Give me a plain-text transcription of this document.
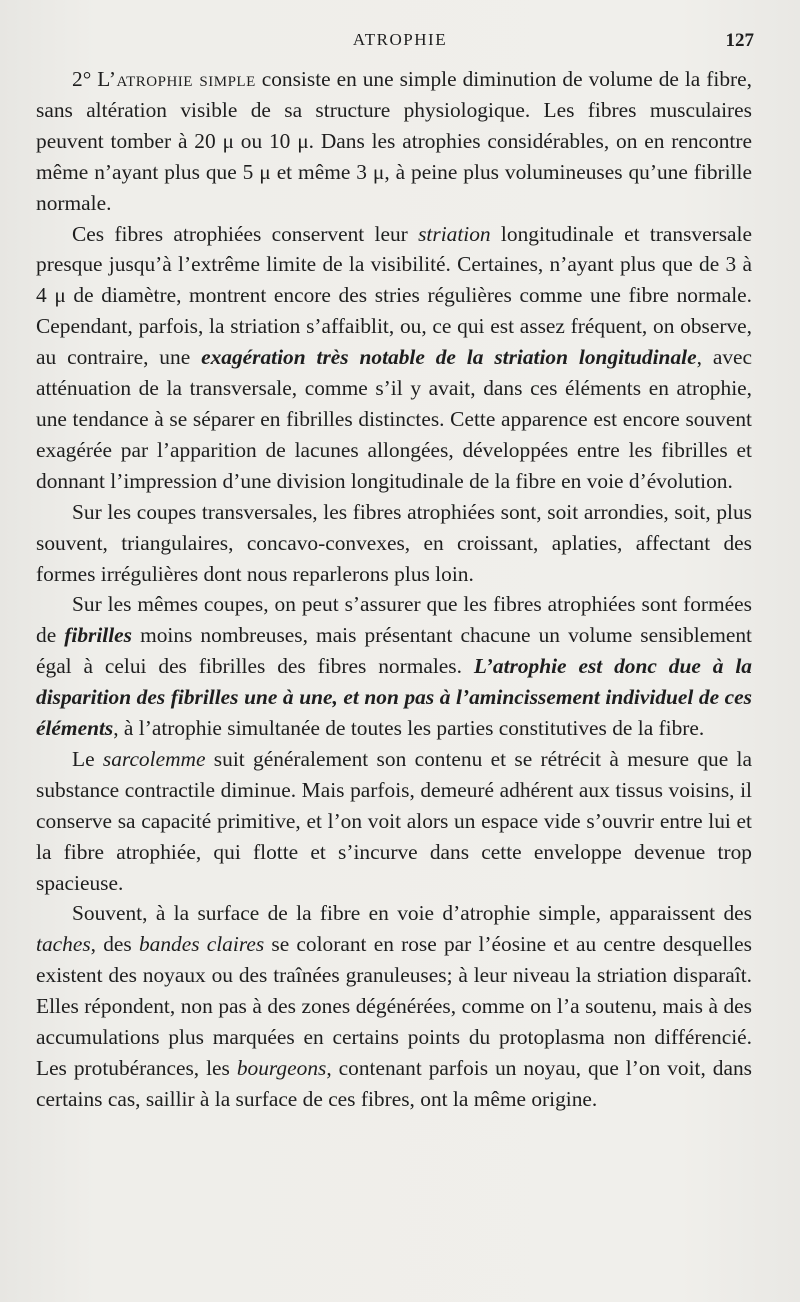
ATROPHIE	127

2° L’atrophie simple consiste en une simple diminution de volume de la fibre, sans altération visible de sa structure physiologique. Les fibres musculaires peuvent tomber à 20 μ ou 10 μ. Dans les atrophies considérables, on en rencontre même n’ayant plus que 5 μ et même 3 μ, à peine plus volumineuses qu’une fibrille normale.

Ces fibres atrophiées conservent leur striation longitudinale et transversale presque jusqu’à l’extrême limite de la visibilité. Certaines, n’ayant plus que de 3 à 4 μ de diamètre, montrent encore des stries régulières comme une fibre normale. Cependant, parfois, la striation s’affaiblit, ou, ce qui est assez fréquent, on observe, au contraire, une exagération très notable de la striation longitudinale, avec atténuation de la transversale, comme s’il y avait, dans ces éléments en atrophie, une tendance à se séparer en fibrilles distinctes. Cette apparence est encore souvent exagérée par l’apparition de lacunes allongées, développées entre les fibrilles et donnant l’impression d’une division longitudinale de la fibre en voie d’évolution.

Sur les coupes transversales, les fibres atrophiées sont, soit arrondies, soit, plus souvent, triangulaires, concavo-convexes, en croissant, aplaties, affectant des formes irrégulières dont nous reparlerons plus loin.

Sur les mêmes coupes, on peut s’assurer que les fibres atrophiées sont formées de fibrilles moins nombreuses, mais présentant chacune un volume sensiblement égal à celui des fibrilles des fibres normales. L’atrophie est donc due à la disparition des fibrilles une à une, et non pas à l’amincissement individuel de ces éléments, à l’atrophie simultanée de toutes les parties constitutives de la fibre.

Le sarcolemme suit généralement son contenu et se rétrécit à mesure que la substance contractile diminue. Mais parfois, demeuré adhérent aux tissus voisins, il conserve sa capacité primitive, et l’on voit alors un espace vide s’ouvrir entre lui et la fibre atrophiée, qui flotte et s’incurve dans cette enveloppe devenue trop spacieuse.

Souvent, à la surface de la fibre en voie d’atrophie simple, apparaissent des taches, des bandes claires se colorant en rose par l’éosine et au centre desquelles existent des noyaux ou des traînées granuleuses; à leur niveau la striation disparaît. Elles répondent, non pas à des zones dégénérées, comme on l’a soutenu, mais à des accumulations plus marquées en certains points du protoplasma non différencié. Les protubérances, les bourgeons, contenant parfois un noyau, que l’on voit, dans certains cas, saillir à la surface de ces fibres, ont la même origine.
